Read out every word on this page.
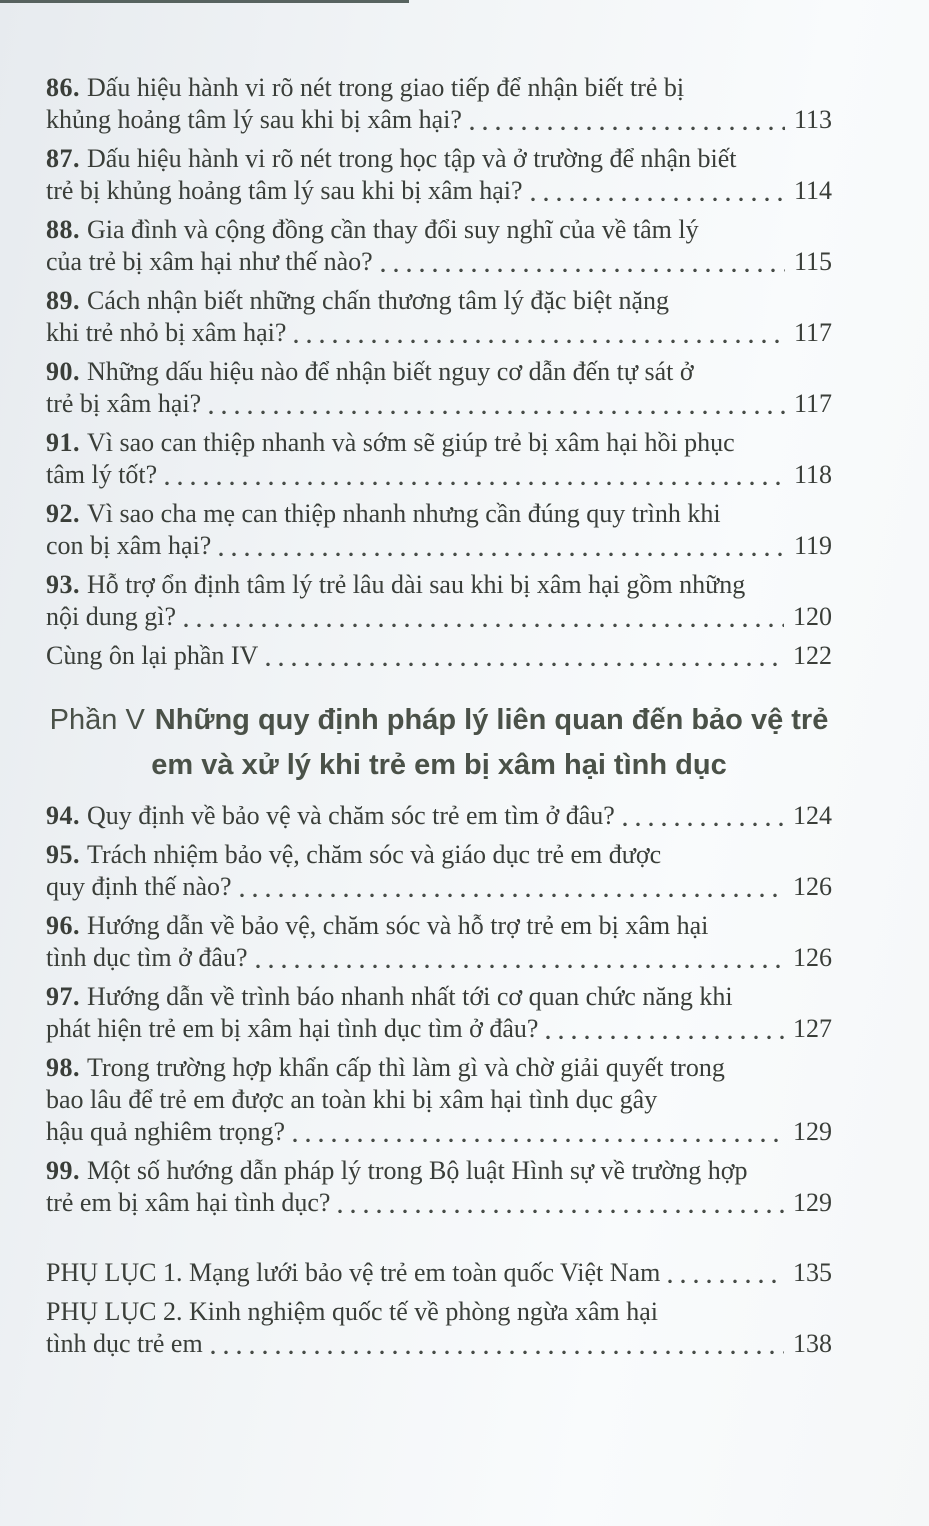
86. Dấu hiệu hành vi rõ nét trong giao tiếp để nhận biết trẻ bị
khủng hoảng tâm lý sau khi bị xâm hại?	113
87. Dấu hiệu hành vi rõ nét trong học tập và ở trường để nhận biết
trẻ bị khủng hoảng tâm lý sau khi bị xâm hại?	114
88. Gia đình và cộng đồng cần thay đổi suy nghĩ của về tâm lý
của trẻ bị xâm hại như thế nào?	115
89. Cách nhận biết những chấn thương tâm lý đặc biệt nặng
khi trẻ nhỏ bị xâm hại?	117
90. Những dấu hiệu nào để nhận biết nguy cơ dẫn đến tự sát ở
trẻ bị xâm hại?	117
91. Vì sao can thiệp nhanh và sớm sẽ giúp trẻ bị xâm hại hồi phục
tâm lý tốt?	118
92. Vì sao cha mẹ can thiệp nhanh nhưng cần đúng quy trình khi
con bị xâm hại?	119
93. Hỗ trợ ổn định tâm lý trẻ lâu dài sau khi bị xâm hại gồm những
nội dung gì?	120
Cùng ôn lại phần IV	122
Phần V Những quy định pháp lý liên quan đến bảo vệ trẻ em và xử lý khi trẻ em bị xâm hại tình dục
94. Quy định về bảo vệ và chăm sóc trẻ em tìm ở đâu?	124
95. Trách nhiệm bảo vệ, chăm sóc và giáo dục trẻ em được
quy định thế nào?	126
96. Hướng dẫn về bảo vệ, chăm sóc và hỗ trợ trẻ em bị xâm hại
tình dục tìm ở đâu?	126
97. Hướng dẫn về trình báo nhanh nhất tới cơ quan chức năng khi
phát hiện trẻ em bị xâm hại tình dục tìm ở đâu?	127
98. Trong trường hợp khẩn cấp thì làm gì và chờ giải quyết trong
bao lâu để trẻ em được an toàn khi bị xâm hại tình dục gây
hậu quả nghiêm trọng?	129
99. Một số hướng dẫn pháp lý trong Bộ luật Hình sự về trường hợp
trẻ em bị xâm hại tình dục?	129
PHỤ LỤC 1. Mạng lưới bảo vệ trẻ em toàn quốc Việt Nam	135
PHỤ LỤC 2. Kinh nghiệm quốc tế về phòng ngừa xâm hại
tình dục trẻ em	138
